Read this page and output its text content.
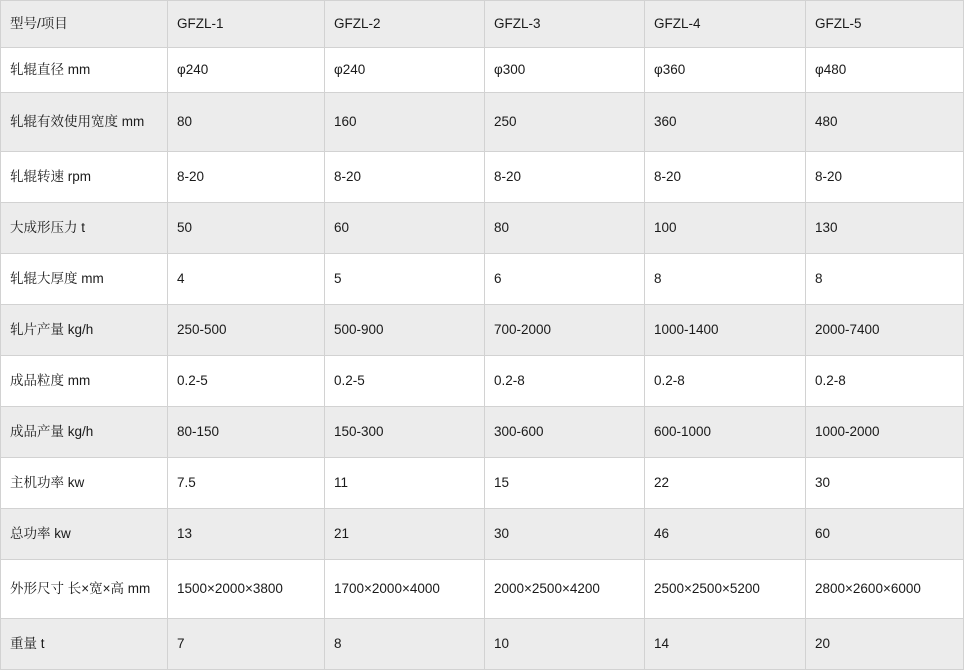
型号/项目	GFZL-1	GFZL-2	GFZL-3	GFZL-4	GFZL-5
轧辊直径 mm	φ240	φ240	φ300	φ360	φ480
轧辊有效使用宽度 mm	80	160	250	360	480
轧辊转速 rpm	8-20	8-20	8-20	8-20	8-20
大成形压力 t	50	60	80	100	130
轧辊大厚度 mm	4	5	6	8	8
轧片产量 kg/h	250-500	500-900	700-2000	1000-1400	2000-7400
成品粒度 mm	0.2-5	0.2-5	0.2-8	0.2-8	0.2-8
成品产量 kg/h	80-150	150-300	300-600	600-1000	1000-2000
主机功率 kw	7.5	11	15	22	30
总功率 kw	13	21	30	46	60
外形尺寸 长×宽×高 mm	1500×2000×3800	1700×2000×4000	2000×2500×4200	2500×2500×5200	2800×2600×6000
重量 t	7	8	10	14	20
